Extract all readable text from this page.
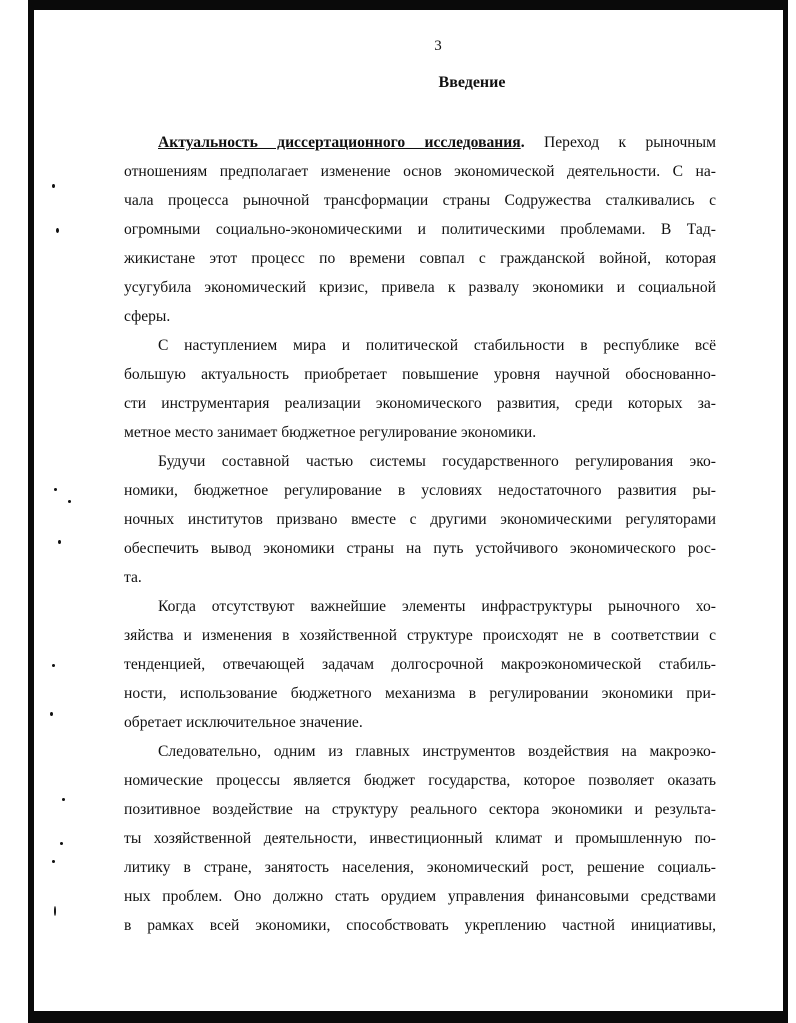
3
Введение
Актуальность диссертационного исследования. Переход к рыночным
отношениям предполагает изменение основ экономической деятельности. С на-
чала процесса рыночной трансформации страны Содружества сталкивались с
огромными социально-экономическими и политическими проблемами. В Тад-
жикистане этот процесс по времени совпал с гражданской войной, которая
усугубила экономический кризис, привела к развалу экономики и социальной
сферы.
С наступлением мира и политической стабильности в республике всё
большую актуальность приобретает повышение уровня научной обоснованно-
сти инструментария реализации экономического развития, среди которых за-
метное место занимает бюджетное регулирование экономики.
Будучи составной частью системы государственного регулирования эко-
номики, бюджетное регулирование в условиях недостаточного развития ры-
ночных институтов призвано вместе с другими экономическими регуляторами
обеспечить вывод экономики страны на путь устойчивого экономического рос-
та.
Когда отсутствуют важнейшие элементы инфраструктуры рыночного хо-
зяйства и изменения в хозяйственной структуре происходят не в соответствии с
тенденцией, отвечающей задачам долгосрочной макроэкономической стабиль-
ности, использование бюджетного механизма в регулировании экономики при-
обретает исключительное значение.
Следовательно, одним из главных инструментов воздействия на макроэко-
номические процессы является бюджет государства, которое позволяет оказать
позитивное воздействие на структуру реального сектора экономики и результа-
ты хозяйственной деятельности, инвестиционный климат и промышленную по-
литику в стране, занятость населения, экономический рост, решение социаль-
ных проблем. Оно должно стать орудием управления финансовыми средствами
в рамках всей экономики, способствовать укреплению частной инициативы,
